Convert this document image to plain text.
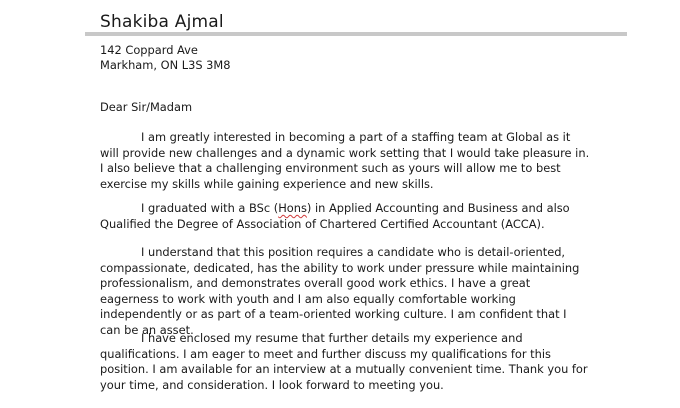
Shakiba Ajmal
142 Coppard Ave
Markham, ON L3S 3M8
Dear Sir/Madam

I am greatly interested in becoming a part of a staffing team at Global as it will provide new challenges and a dynamic work setting that I would take pleasure in. I also believe that a challenging environment such as yours will allow me to best exercise my skills while gaining experience and new skills.

I graduated with a BSc (Hons) in Applied Accounting and Business and also Qualified the Degree of Association of Chartered Certified Accountant (ACCA).

I understand that this position requires a candidate who is detail-oriented, compassionate, dedicated, has the ability to work under pressure while maintaining professionalism, and demonstrates overall good work ethics. I have a great eagerness to work with youth and I am also equally comfortable working independently or as part of a team-oriented working culture. I am confident that I can be an asset.

I have enclosed my resume that further details my experience and qualifications. I am eager to meet and further discuss my qualifications for this position. I am available for an interview at a mutually convenient time. Thank you for your time, and consideration. I look forward to meeting you.
